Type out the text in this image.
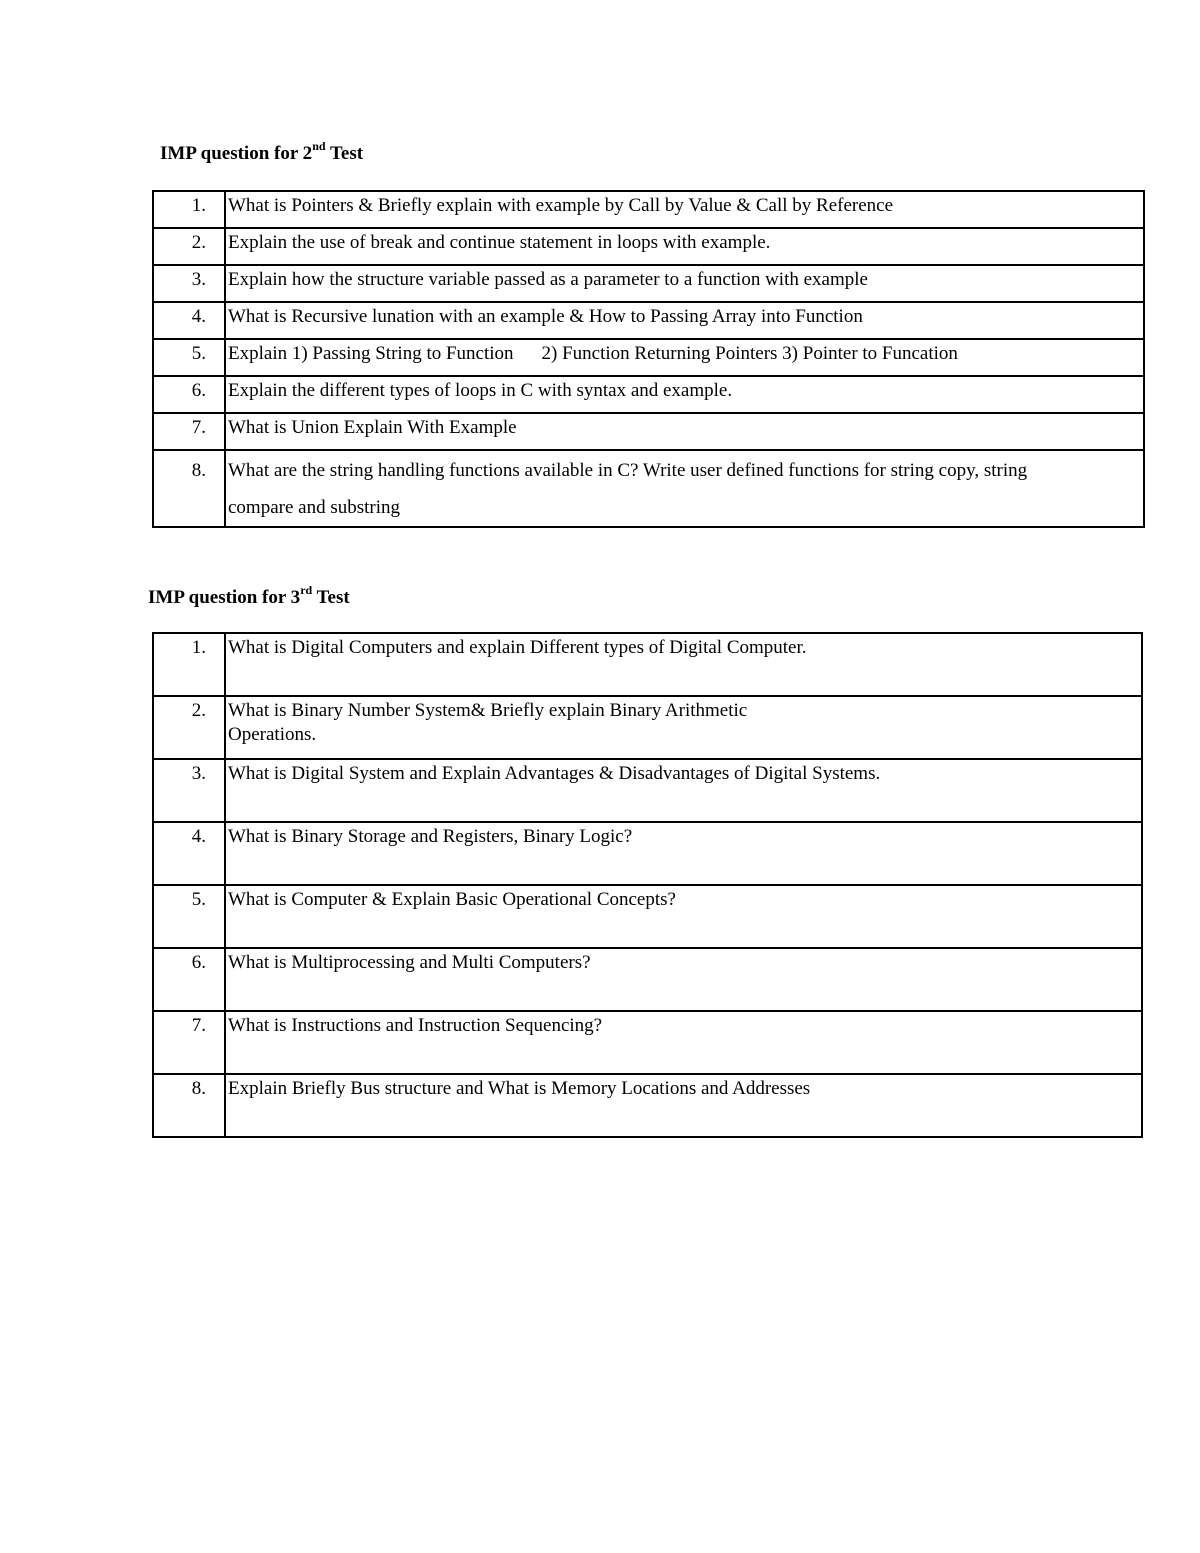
IMP question for 2nd Test
1.	What is Pointers & Briefly explain with example by Call by Value & Call by Reference
2.	Explain the use of break and continue statement in loops with example.
3.	Explain how the structure variable passed as a parameter to a function with example
4.	What is Recursive lunation with an example & How to Passing Array into Function
5.	Explain 1) Passing String to Function 2) Function Returning Pointers 3) Pointer to Funcation
6.	Explain the different types of loops in C with syntax and example.
7.	What is Union Explain With Example
8.	What are the string handling functions available in C? Write user defined functions for string copy, string
compare and substring
IMP question for 3rd Test
1.	What is Digital Computers and explain Different types of Digital Computer.
2.	What is Binary Number System& Briefly explain Binary Arithmetic
Operations.

3.	What is Digital System and Explain Advantages & Disadvantages of Digital Systems.
4.	What is Binary Storage and Registers, Binary Logic?
5.	What is Computer & Explain Basic Operational Concepts?
6.	What is Multiprocessing and Multi Computers?
7.	What is Instructions and Instruction Sequencing?
8.	Explain Briefly Bus structure and What is Memory Locations and Addresses
